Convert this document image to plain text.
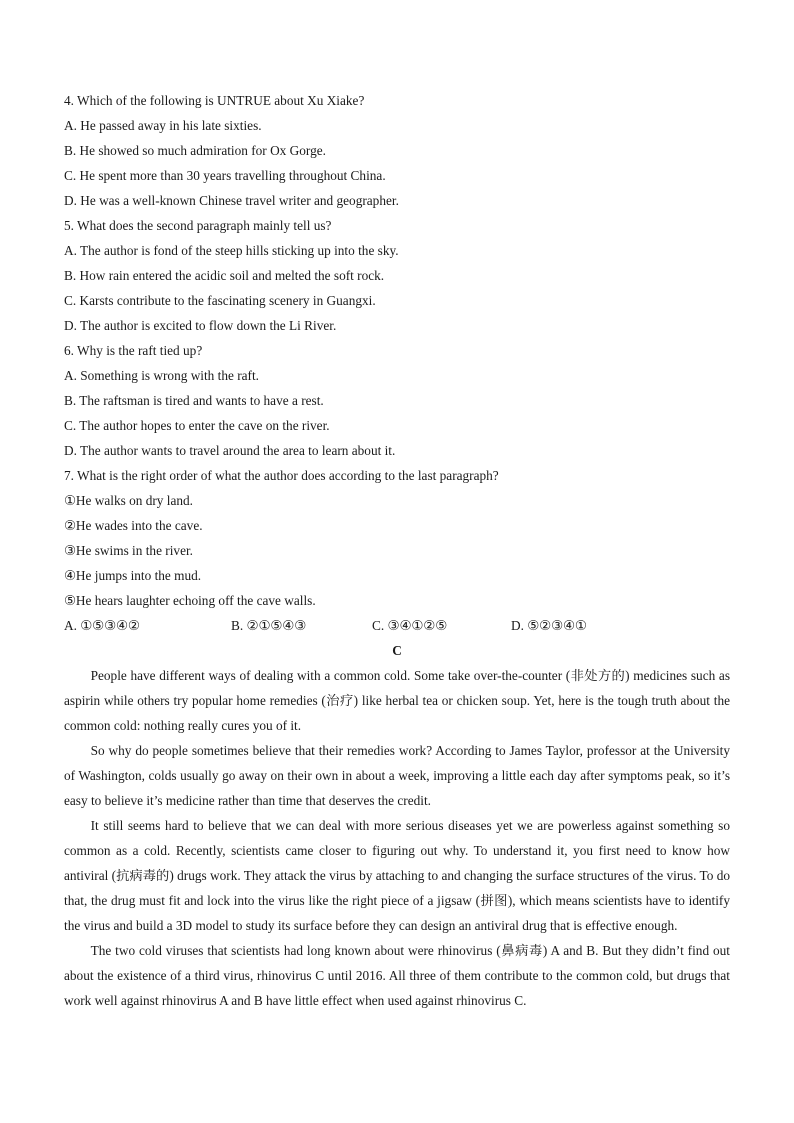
4. Which of the following is UNTRUE about Xu Xiake?
A. He passed away in his late sixties.
B. He showed so much admiration for Ox Gorge.
C. He spent more than 30 years travelling throughout China.
D. He was a well-known Chinese travel writer and geographer.
5. What does the second paragraph mainly tell us?
A. The author is fond of the steep hills sticking up into the sky.
B. How rain entered the acidic soil and melted the soft rock.
C. Karsts contribute to the fascinating scenery in Guangxi.
D. The author is excited to flow down the Li River.
6. Why is the raft tied up?
A. Something is wrong with the raft.
B. The raftsman is tired and wants to have a rest.
C. The author hopes to enter the cave on the river.
D. The author wants to travel around the area to learn about it.
7. What is the right order of what the author does according to the last paragraph?
①He walks on dry land.
②He wades into the cave.
③He swims in the river.
④He jumps into the mud.
⑤He hears laughter echoing off the cave walls.
A. ①⑤③④②	B. ②①⑤④③	C. ③④①②⑤	D. ⑤②③④①
C

People have different ways of dealing with a common cold. Some take over-the-counter (非处方的) medicines such as aspirin while others try popular home remedies (治疗) like herbal tea or chicken soup. Yet, here is the tough truth about the common cold: nothing really cures you of it.

So why do people sometimes believe that their remedies work? According to James Taylor, professor at the University of Washington, colds usually go away on their own in about a week, improving a little each day after symptoms peak, so it’s easy to believe it’s medicine rather than time that deserves the credit.

It still seems hard to believe that we can deal with more serious diseases yet we are powerless against something so common as a cold. Recently, scientists came closer to figuring out why. To understand it, you first need to know how antiviral (抗病毒的) drugs work. They attack the virus by attaching to and changing the surface structures of the virus. To do that, the drug must fit and lock into the virus like the right piece of a jigsaw (拼图), which means scientists have to identify the virus and build a 3D model to study its surface before they can design an antiviral drug that is effective enough.

The two cold viruses that scientists had long known about were rhinovirus (鼻病毒) A and B. But they didn’t find out about the existence of a third virus, rhinovirus C until 2016. All three of them contribute to the common cold, but drugs that work well against rhinovirus A and B have little effect when used against rhinovirus C.
